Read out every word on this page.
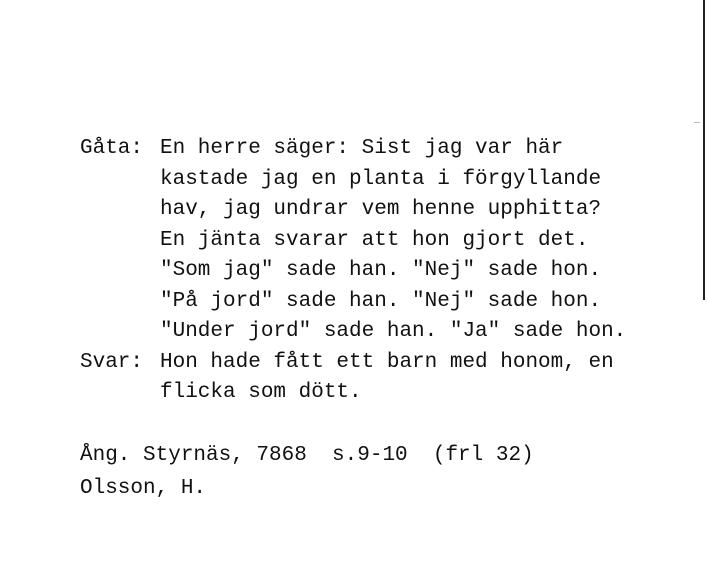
Gåta: En herre säger: Sist jag var här
kastade jag en planta i förgyllande
hav, jag undrar vem henne upphitta?
En jänta svarar att hon gjort det.
"Som jag" sade han. "Nej" sade hon.
"På jord" sade han. "Nej" sade hon.
"Under jord" sade han. "Ja" sade hon.
Svar: Hon hade fått ett barn med honom, en
flicka som dött.
Ång. Styrnäs, 7868  s.9-10  (frl 32)
Olsson, H.
